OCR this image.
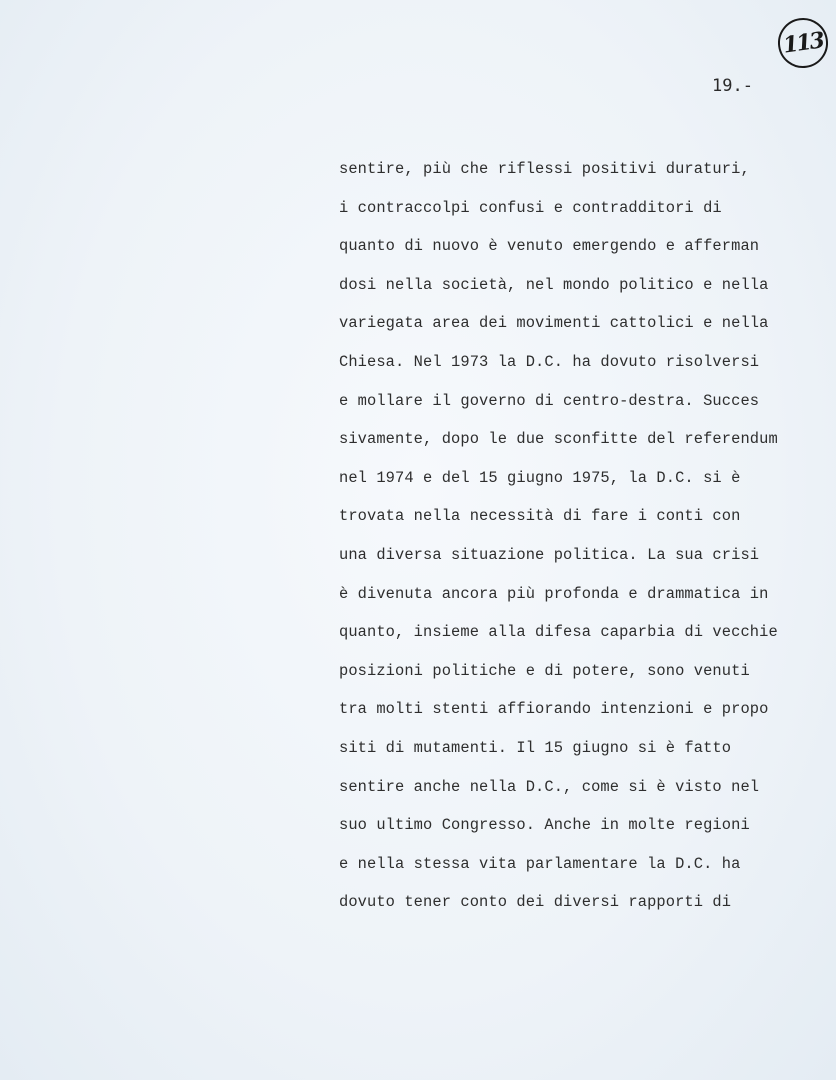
113
19.-
sentire, più che riflessi positivi duraturi,
i contraccolpi confusi e contradditori di
quanto di nuovo è venuto emergendo e afferman
dosi nella società, nel mondo politico e nella
variegata area dei movimenti cattolici e nella
Chiesa. Nel 1973 la D.C. ha dovuto risolversi
e mollare il governo di centro-destra. Succes
sivamente, dopo le due sconfitte del referendum
nel 1974 e del 15 giugno 1975, la D.C. si è
trovata nella necessità di fare i conti con
una diversa situazione politica. La sua crisi
è divenuta ancora più profonda e drammatica in
quanto, insieme alla difesa caparbia di vecchie
posizioni politiche e di potere, sono venuti
tra molti stenti affiorando intenzioni e propo
siti di mutamenti. Il 15 giugno si è fatto
sentire anche nella D.C., come si è visto nel
suo ultimo Congresso. Anche in molte regioni
e nella stessa vita parlamentare la D.C. ha
dovuto tener conto dei diversi rapporti di
